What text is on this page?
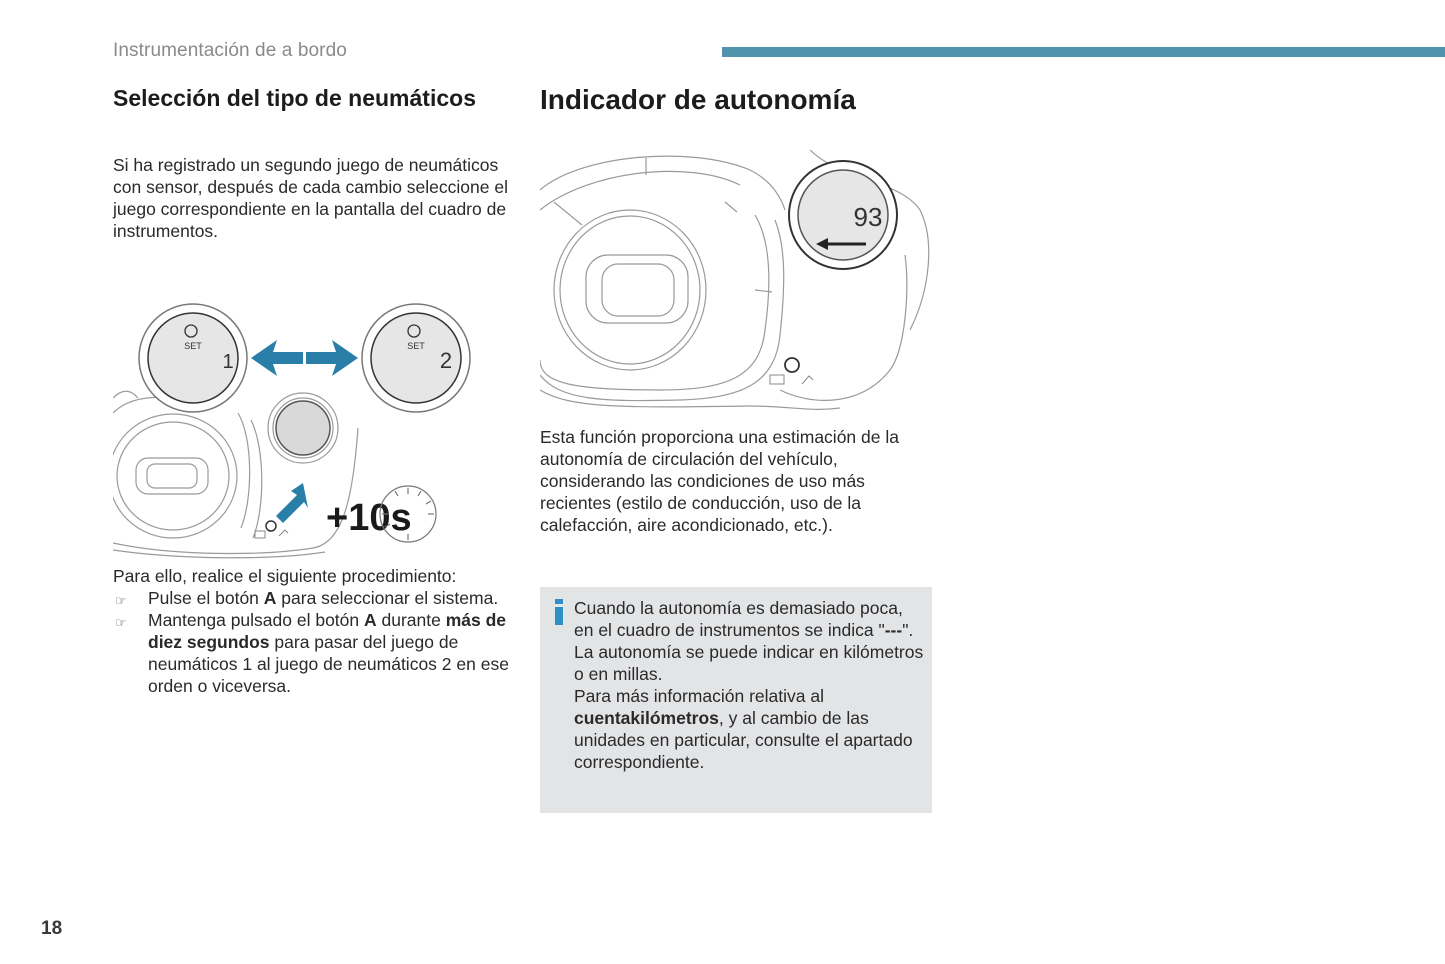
Instrumentación de a bordo
Selección del tipo de neumáticos
Si ha registrado un segundo juego de neumáticos con sensor, después de cada cambio seleccione el juego correspondiente en la pantalla del cuadro de instrumentos.
SET
1
SET
2
+10s
Para ello, realice el siguiente procedimiento:
☞ Pulse el botón A para seleccionar el sistema.
☞ Mantenga pulsado el botón A durante más de diez segundos para pasar del juego de neumáticos 1 al juego de neumáticos 2 en ese orden o viceversa.
Indicador de autonomía
93
Esta función proporciona una estimación de la autonomía de circulación del vehículo, considerando las condiciones de uso más recientes (estilo de conducción, uso de la calefacción, aire acondicionado, etc.).

Cuando la autonomía es demasiado poca, en el cuadro de instrumentos se indica "---".

La autonomía se puede indicar en kilómetros o en millas.

Para más información relativa al cuentakilómetros, y al cambio de las unidades en particular, consulte el apartado correspondiente.

18
